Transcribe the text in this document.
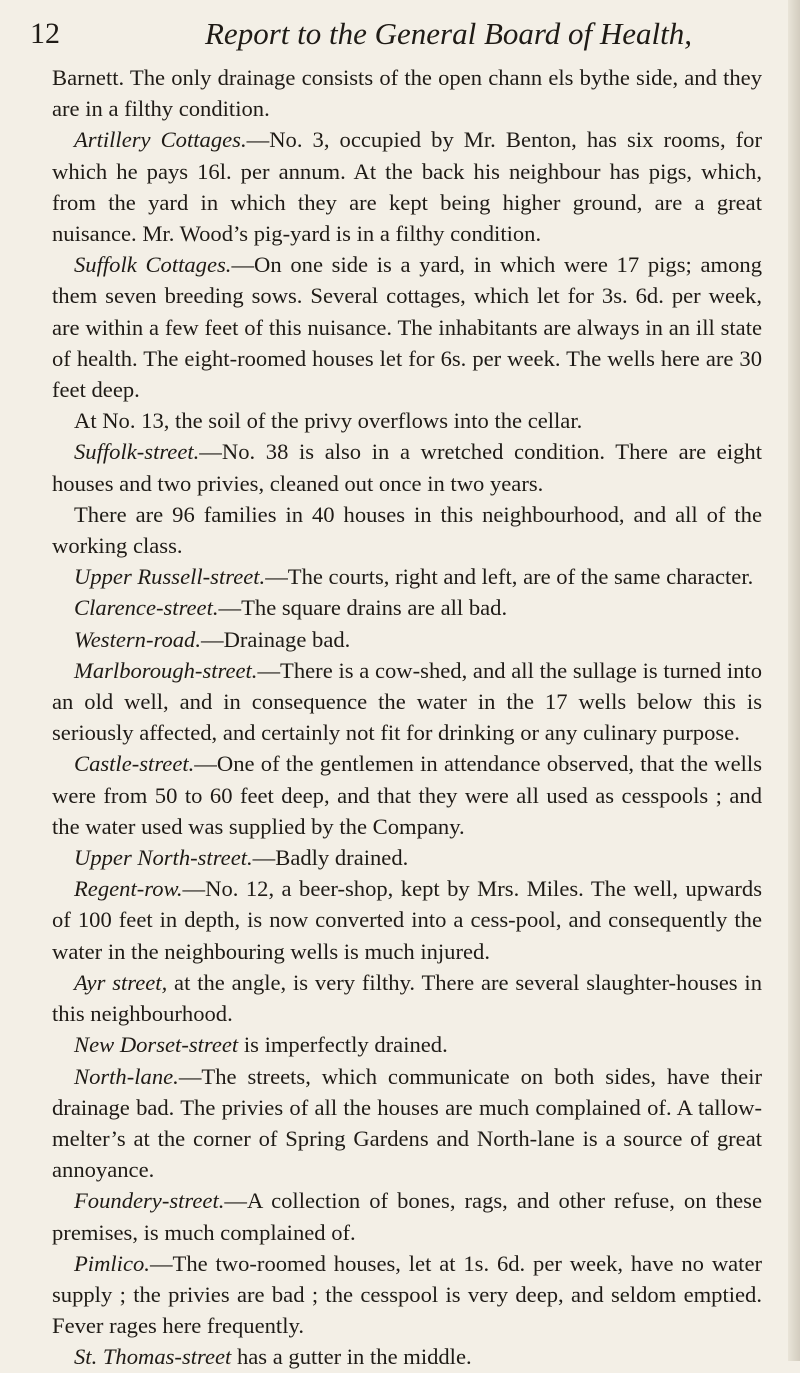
12	Report to the General Board of Health,

Barnett. The only drainage consists of the open chann els bythe side, and they are in a filthy condition.

Artillery Cottages.—No. 3, occupied by Mr. Benton, has six rooms, for which he pays 16l. per annum. At the back his neighbour has pigs, which, from the yard in which they are kept being higher ground, are a great nuisance. Mr. Wood’s pig-yard is in a filthy condition.

Suffolk Cottages.—On one side is a yard, in which were 17 pigs; among them seven breeding sows. Several cottages, which let for 3s. 6d. per week, are within a few feet of this nuisance. The inhabitants are always in an ill state of health. The eight-roomed houses let for 6s. per week. The wells here are 30 feet deep.

At No. 13, the soil of the privy overflows into the cellar.

Suffolk-street.—No. 38 is also in a wretched condition. There are eight houses and two privies, cleaned out once in two years.

There are 96 families in 40 houses in this neighbourhood, and all of the working class.

Upper Russell-street.—The courts, right and left, are of the same character.

Clarence-street.—The square drains are all bad.

Western-road.—Drainage bad.

Marlborough-street.—There is a cow-shed, and all the sullage is turned into an old well, and in consequence the water in the 17 wells below this is seriously affected, and certainly not fit for drinking or any culinary purpose.

Castle-street.—One of the gentlemen in attendance observed, that the wells were from 50 to 60 feet deep, and that they were all used as cesspools ; and the water used was supplied by the Company.

Upper North-street.—Badly drained.

Regent-row.—No. 12, a beer-shop, kept by Mrs. Miles. The well, upwards of 100 feet in depth, is now converted into a cess-pool, and consequently the water in the neighbouring wells is much injured.

Ayr street, at the angle, is very filthy. There are several slaughter-houses in this neighbourhood.

New Dorset-street is imperfectly drained.

North-lane.—The streets, which communicate on both sides, have their drainage bad. The privies of all the houses are much complained of. A tallow-melter’s at the corner of Spring Gardens and North-lane is a source of great annoyance.

Foundery-street.—A collection of bones, rags, and other refuse, on these premises, is much complained of.

Pimlico.—The two-roomed houses, let at 1s. 6d. per week, have no water supply ; the privies are bad ; the cesspool is very deep, and seldom emptied. Fever rages here frequently.

St. Thomas-street has a gutter in the middle.
